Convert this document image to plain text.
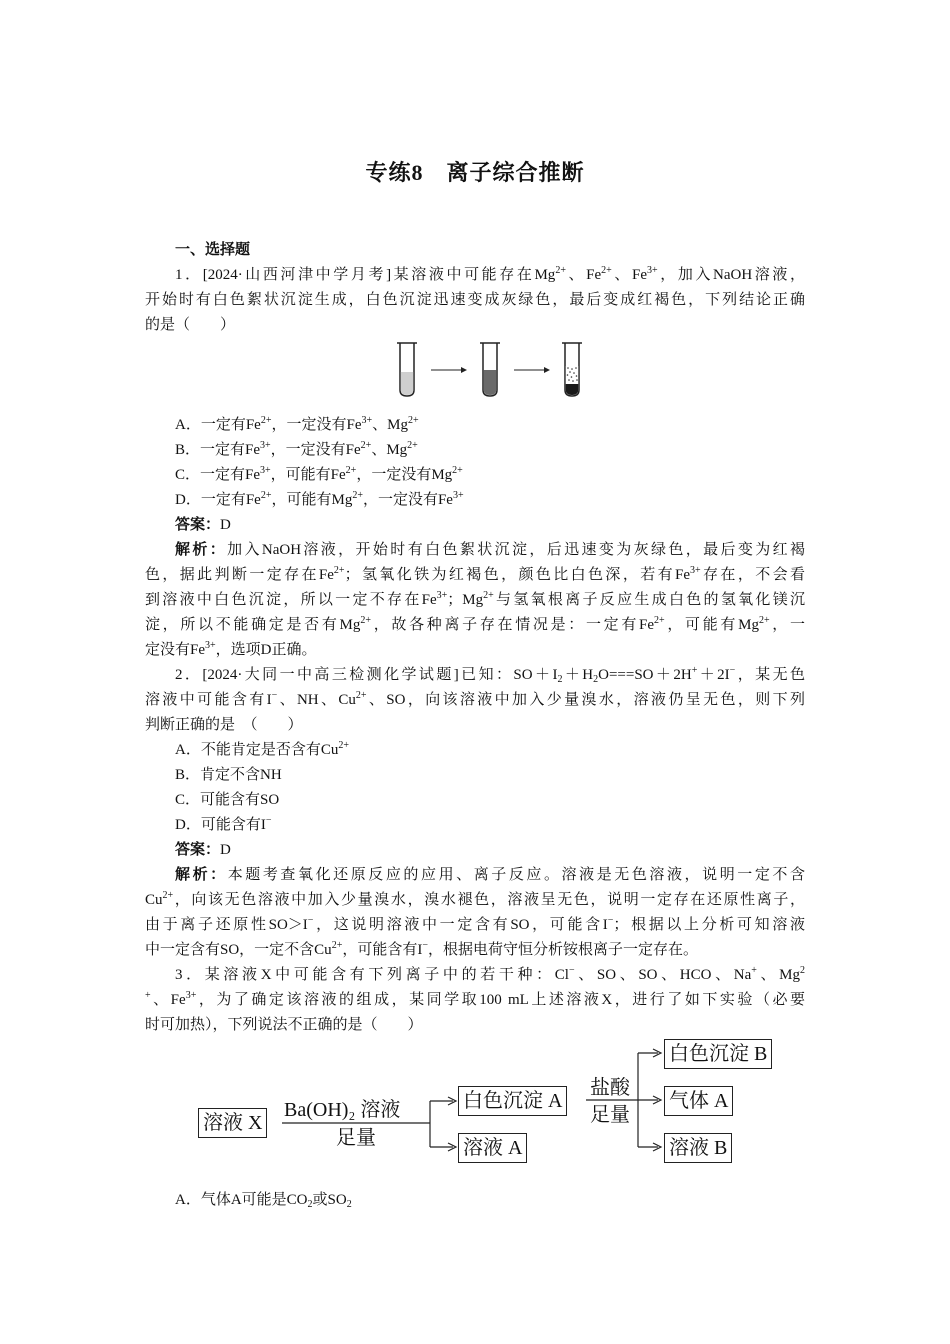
专练8　离子综合推断
一、选择题
1．[2024·山西河津中学月考]某溶液中可能存在$Mg^{2+}$、$Fe^{2+}$、$Fe^{3+}$，加入NaOH溶液，
开始时有白色絮状沉淀生成，白色沉淀迅速变成灰绿色，最后变成红褐色，下列结论正确
的是（　　）
A．一定有$Fe^{2+}$，一定没有$Fe^{3+}$、$Mg^{2+}$
B．一定有$Fe^{3+}$，一定没有$Fe^{2+}$、$Mg^{2+}$
C．一定有$Fe^{3+}$，可能有$Fe^{2+}$，一定没有$Mg^{2+}$
D．一定有$Fe^{2+}$，可能有$Mg^{2+}$，一定没有$Fe^{3+}$
答案：D
解析：加入NaOH溶液，开始时有白色絮状沉淀，后迅速变为灰绿色，最后变为红褐
色，据此判断一定存在$Fe^{2+}$；氢氧化铁为红褐色，颜色比白色深，若有$Fe^{3+}$存在，不会看
到溶液中白色沉淀，所以一定不存在$Fe^{3+}$；$Mg^{2+}$与氢氧根离子反应生成白色的氢氧化镁沉
淀，所以不能确定是否有$Mg^{2+}$，故各种离子存在情况是：一定有$Fe^{2+}$，可能有$Mg^{2+}$，一
定没有$Fe^{3+}$，选项D正确。
2．[2024·大同一中高三检测化学试题]已知：$SO+I_2+H_2O===SO+2H^++2I^-$，某无色
溶液中可能含有I−、NH、$Cu^{2+}$、SO，向该溶液中加入少量溴水，溶液仍呈无色，则下列
判断正确的是　（　　）
A．不能肯定是否含有$Cu^{2+}$
B．肯定不含NH
C．可能含有SO
D．可能含有I−
答案：D
解析：本题考查氧化还原反应的应用、离子反应。溶液是无色溶液，说明一定不含
$Cu^{2+}$，向该无色溶液中加入少量溴水，溴水褪色，溶液呈无色，说明一定存在还原性离子，
由于离子还原性SO＞I−，这说明溶液中一定含有SO，可能含I−；根据以上分析可知溶液
中一定含有SO，一定不含$Cu^{2+}$，可能含有I−，根据电荷守恒分析铵根离子一定存在。
3．某溶液X中可能含有下列离子中的若干种：Cl−、SO、SO、HCO、Na+、Mg$^2$
+、$Fe^{3+}$，为了确定该溶液的组成，某同学取100 mL上述溶液X，进行了如下实验（必要
时可加热），下列说法不正确的是（　　）
A．气体A可能是$CO_2$或$SO_2$
溶液 X
Ba(OH)₂ 溶液
足量
白色沉淀 A
溶液 A
盐酸
足量
白色沉淀 B
气体 A
溶液 B
